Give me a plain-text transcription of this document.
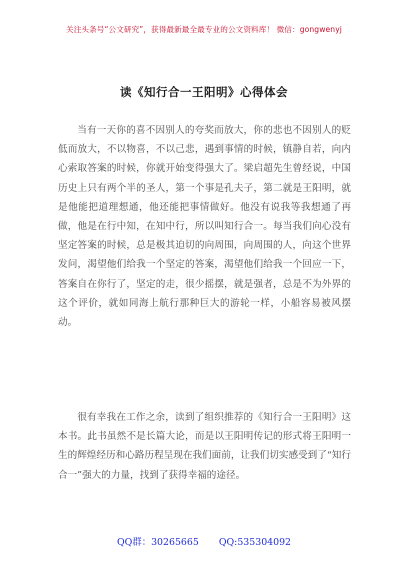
关注头条号“公文研究”，获得最新最全最专业的公文资料库！ 微信：gongwenyj
读《知行合一王阳明》心得体会

当有一天你的喜不因别人的夸奖而放大，你的悲也不因别人的贬低而放大，不以物喜，不以己悲，遇到事情的时候，镇静自若，向内心索取答案的时候，你就开始变得强大了。梁启超先生曾经说，中国历史上只有两个半的圣人，第一个事是孔夫子，第二就是王阳明，就是他能把道理想通，他还能把事情做好。他没有说我等我想通了再做，他是在行中知，在知中行，所以叫知行合一。每当我们向心没有坚定答案的时候，总是极其迫切的向周围，向周围的人，向这个世界发问，渴望他们给我一个坚定的答案，渴望他们给我一个回应一下，答案自在你行了，坚定的走，很少摇摆，就是强者，总是不为外界的这个评价，就如同海上航行那种巨大的游轮一样，小船容易被风摆动。

很有幸我在工作之余，读到了组织推荐的《知行合一王阳明》这本书。此书虽然不是长篇大论，而是以王阳明传记的形式将王阳明一生的辉煌经历和心路历程呈现在我们面前，让我们切实感受到了“知行合一”强大的力量，找到了获得幸福的途径。

QQ群：30265665 QQ:535304092
